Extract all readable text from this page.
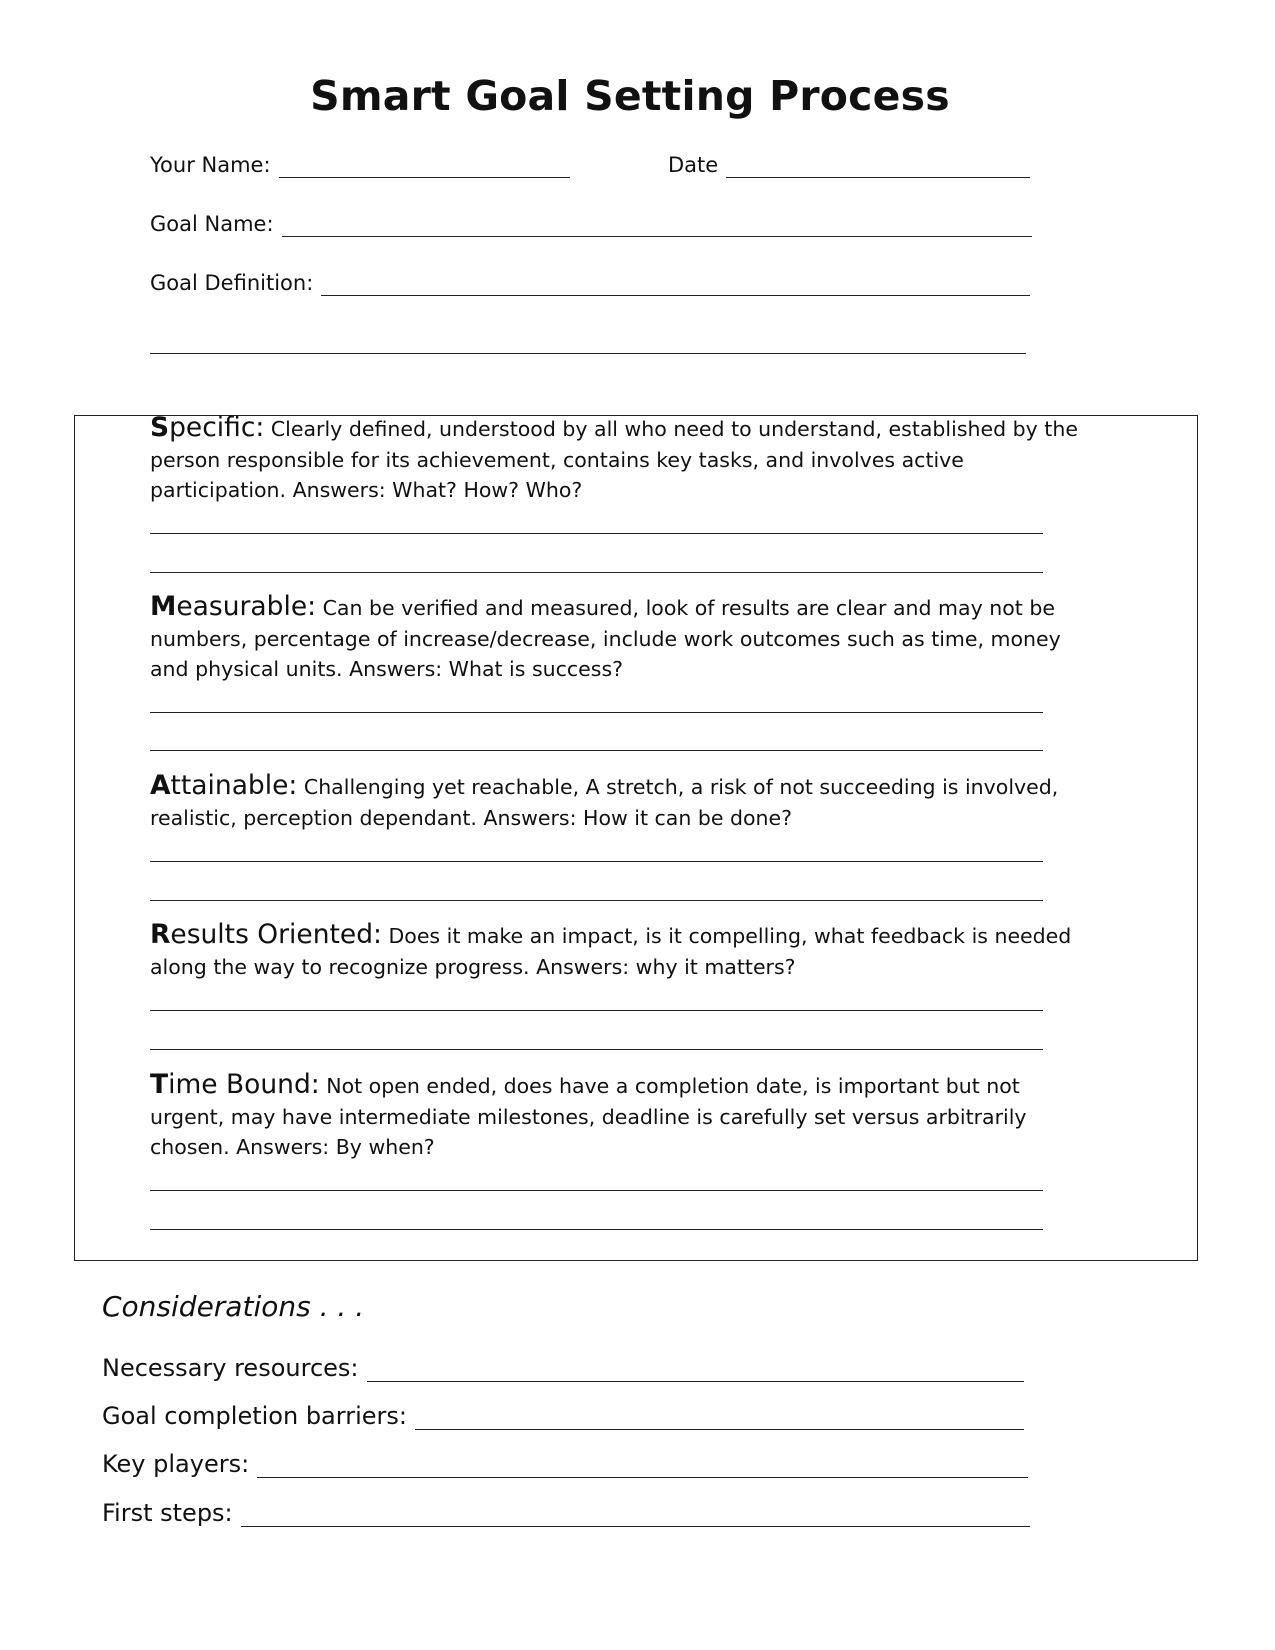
Smart Goal Setting Process
Your Name:	Date
Goal Name:
Goal Definition:
Specific: Clearly defined, understood by all who need to understand, established by the person responsible for its achievement, contains key tasks, and involves active participation. Answers: What? How? Who?
Measurable: Can be verified and measured, look of results are clear and may not be numbers, percentage of increase/decrease, include work outcomes such as time, money and physical units. Answers: What is success?
Attainable: Challenging yet reachable, A stretch, a risk of not succeeding is involved, realistic, perception dependant. Answers: How it can be done?
Results Oriented: Does it make an impact, is it compelling, what feedback is needed along the way to recognize progress. Answers: why it matters?
Time Bound: Not open ended, does have a completion date, is important but not urgent, may have intermediate milestones, deadline is carefully set versus arbitrarily chosen. Answers: By when?
Considerations . . .
Necessary resources:
Goal completion barriers:
Key players:
First steps:
